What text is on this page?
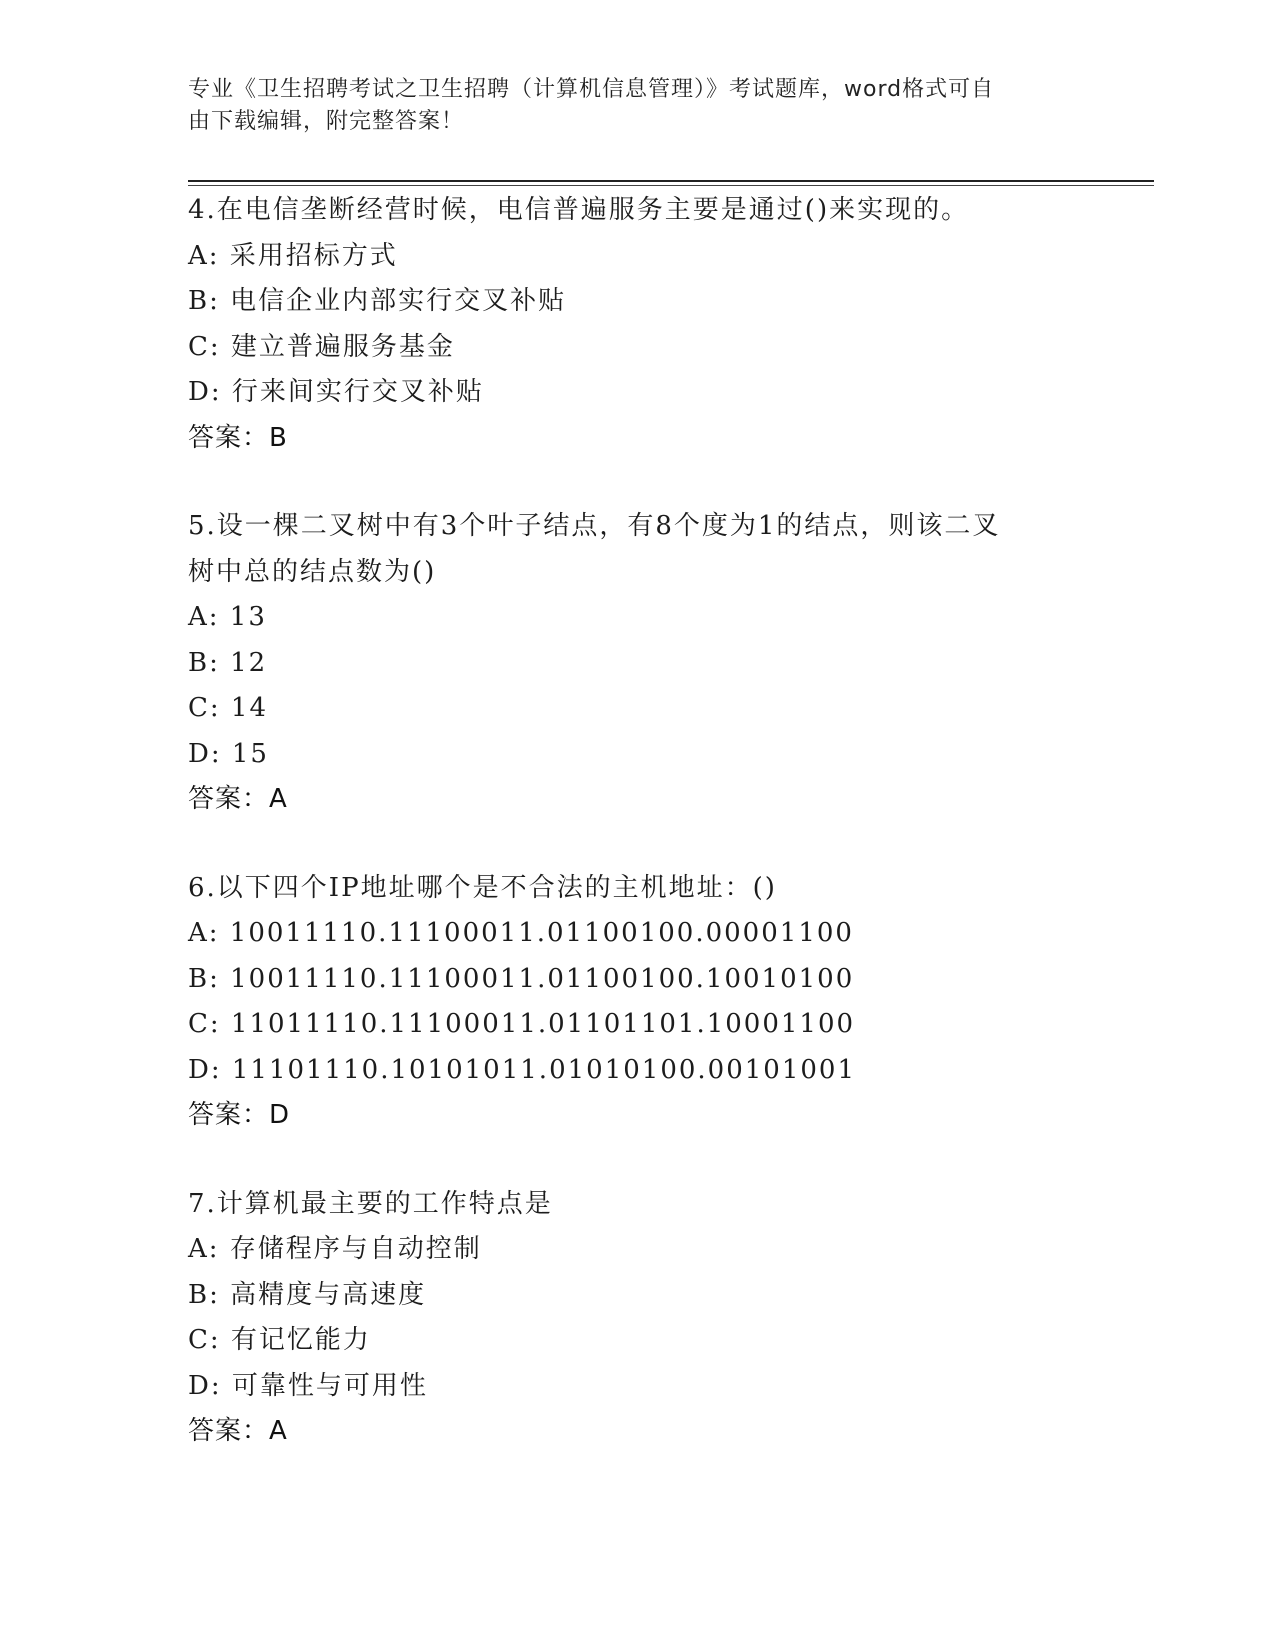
专业《卫生招聘考试之卫生招聘（计算机信息管理）》考试题库，word格式可自
由下载编辑，附完整答案！
4.在电信垄断经营时候，电信普遍服务主要是通过()来实现的。
A: 采用招标方式
B: 电信企业内部实行交叉补贴
C: 建立普遍服务基金
D: 行来间实行交叉补贴
答案：B
5.设一棵二叉树中有3个叶子结点，有8个度为1的结点，则该二叉
树中总的结点数为()
A: 13
B: 12
C: 14
D: 15
答案：A
6.以下四个IP地址哪个是不合法的主机地址：()
A: 10011110.11100011.01100100.00001100
B: 10011110.11100011.01100100.10010100
C: 11011110.11100011.01101101.10001100
D: 11101110.10101011.01010100.00101001
答案：D
7.计算机最主要的工作特点是
A: 存储程序与自动控制
B: 高精度与高速度
C: 有记忆能力
D: 可靠性与可用性
答案：A
